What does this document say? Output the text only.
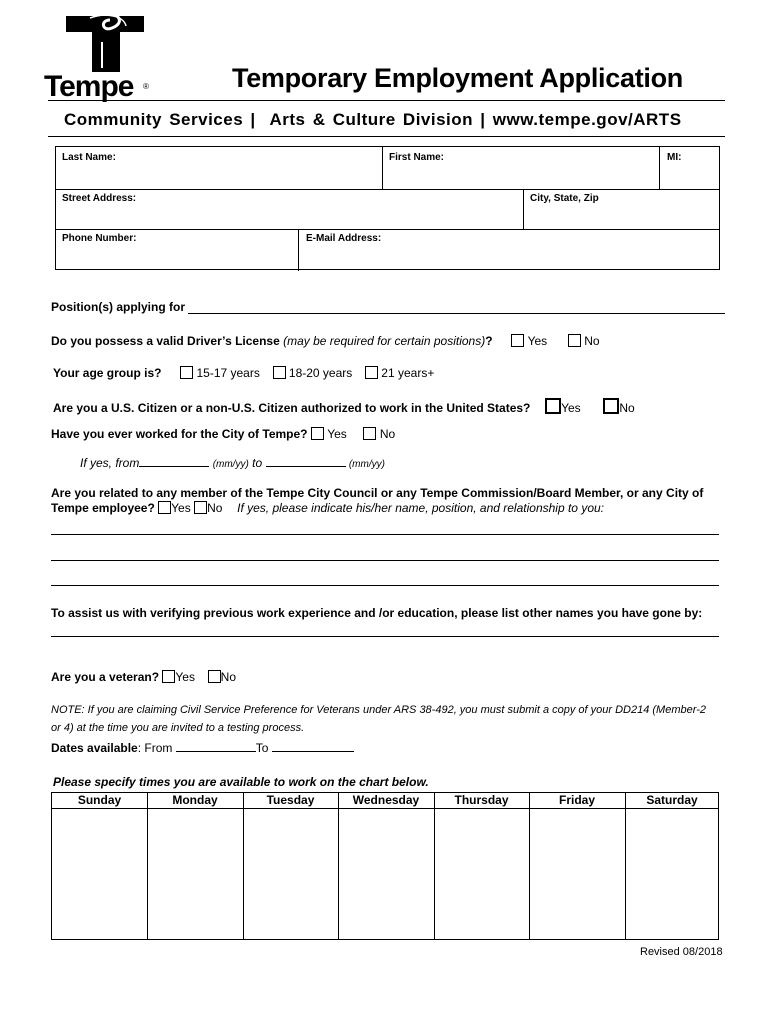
Tempe ®	Temporary Employment Application
Community Services |  Arts & Culture Division | www.tempe.gov/ARTS
Last Name:	First Name:	MI:
Street Address:	City, State, Zip
Phone Number:	E-Mail Address:
Position(s) applying for
Do you possess a valid Driver’s License (may be required for certain positions)?	Yes	No
Your age group is?	15-17 years 18-20 years 21 years+
Are you a U.S. Citizen or a non-U.S. Citizen authorized to work in the United States?	Yes	No
Have you ever worked for the City of Tempe? Yes	No
If yes, from	(mm/yy) to	(mm/yy)
Are you related to any member of the Tempe City Council or any Tempe Commission/Board Member, or any City of
Tempe employee? Yes No If yes, please indicate his/her name, position, and relationship to you:
To assist us with verifying previous work experience and /or education, please list other names you have gone by:
Are you a veteran? Yes No
NOTE: If you are claiming Civil Service Preference for Veterans under ARS 38-492, you must submit a copy of your DD214 (Member-2
or 4) at the time you are invited to a testing process.
Dates available: From	To
Please specify times you are available to work on the chart below.
Sunday	Monday	Tuesday	Wednesday	Thursday	Friday	Saturday
Revised 08/2018
